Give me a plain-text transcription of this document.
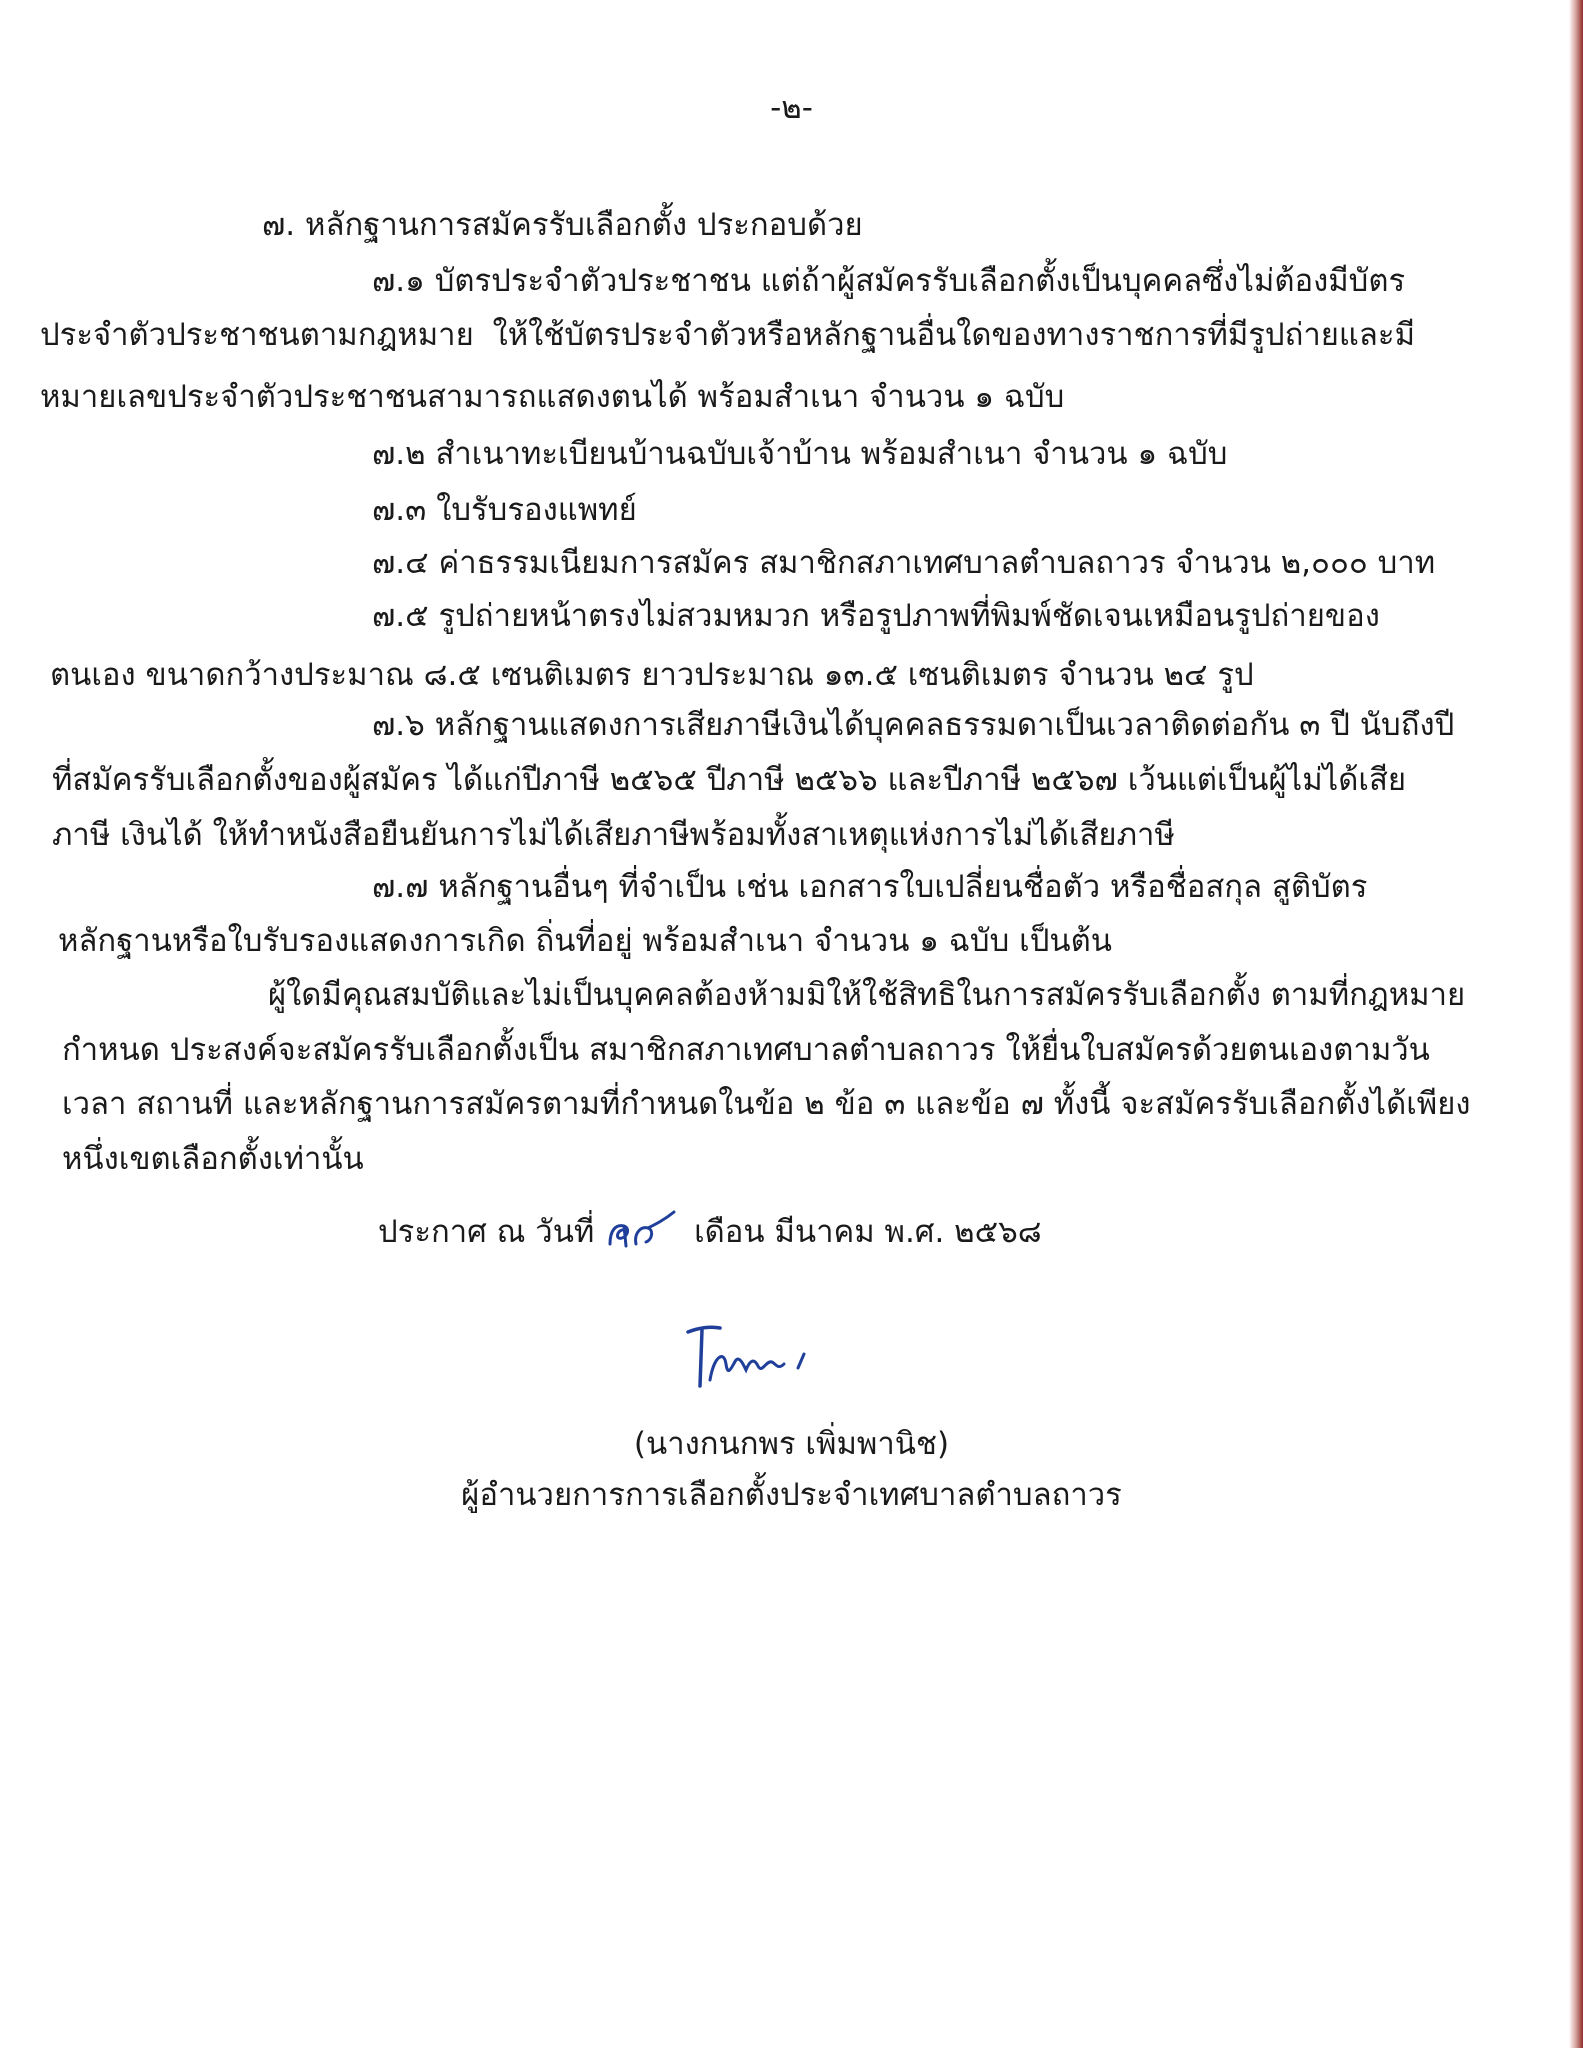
-๒-
๗. หลักฐานการสมัครรับเลือกตั้ง ประกอบด้วย
๗.๑ บัตรประจำตัวประชาชน แต่ถ้าผู้สมัครรับเลือกตั้งเป็นบุคคลซึ่งไม่ต้องมีบัตร
ประจำตัวประชาชนตามกฎหมาย ให้ใช้บัตรประจำตัวหรือหลักฐานอื่นใดของทางราชการที่มีรูปถ่ายและมี
หมายเลขประจำตัวประชาชนสามารถแสดงตนได้ พร้อมสำเนา จำนวน ๑ ฉบับ
๗.๒ สำเนาทะเบียนบ้านฉบับเจ้าบ้าน พร้อมสำเนา จำนวน ๑ ฉบับ
๗.๓ ใบรับรองแพทย์
๗.๔ ค่าธรรมเนียมการสมัคร สมาชิกสภาเทศบาลตำบลถาวร จำนวน ๒,๐๐๐ บาท
๗.๕ รูปถ่ายหน้าตรงไม่สวมหมวก หรือรูปภาพที่พิมพ์ชัดเจนเหมือนรูปถ่ายของ
ตนเอง ขนาดกว้างประมาณ ๘.๕ เซนติเมตร ยาวประมาณ ๑๓.๕ เซนติเมตร จำนวน ๒๔ รูป
๗.๖ หลักฐานแสดงการเสียภาษีเงินได้บุคคลธรรมดาเป็นเวลาติดต่อกัน ๓ ปี นับถึงปี
ที่สมัครรับเลือกตั้งของผู้สมัคร ได้แก่ปีภาษี ๒๕๖๕ ปีภาษี ๒๕๖๖ และปีภาษี ๒๕๖๗ เว้นแต่เป็นผู้ไม่ได้เสีย
ภาษี เงินได้ ให้ทำหนังสือยืนยันการไม่ได้เสียภาษีพร้อมทั้งสาเหตุแห่งการไม่ได้เสียภาษี
๗.๗ หลักฐานอื่นๆ ที่จำเป็น เช่น เอกสารใบเปลี่ยนชื่อตัว หรือชื่อสกุล สูติบัตร
หลักฐานหรือใบรับรองแสดงการเกิด ถิ่นที่อยู่ พร้อมสำเนา จำนวน ๑ ฉบับ เป็นต้น
ผู้ใดมีคุณสมบัติและไม่เป็นบุคคลต้องห้ามมิให้ใช้สิทธิในการสมัครรับเลือกตั้ง ตามที่กฎหมาย
กำหนด ประสงค์จะสมัครรับเลือกตั้งเป็น สมาชิกสภาเทศบาลตำบลถาวร ให้ยื่นใบสมัครด้วยตนเองตามวัน
เวลา สถานที่ และหลักฐานการสมัครตามที่กำหนดในข้อ ๒ ข้อ ๓ และข้อ ๗ ทั้งนี้ จะสมัครรับเลือกตั้งได้เพียง
หนึ่งเขตเลือกตั้งเท่านั้น
ประกาศ ณ วันที่	เดือน มีนาคม พ.ศ. ๒๕๖๘
(นางกนกพร เพิ่มพานิช)
ผู้อำนวยการการเลือกตั้งประจำเทศบาลตำบลถาวร
